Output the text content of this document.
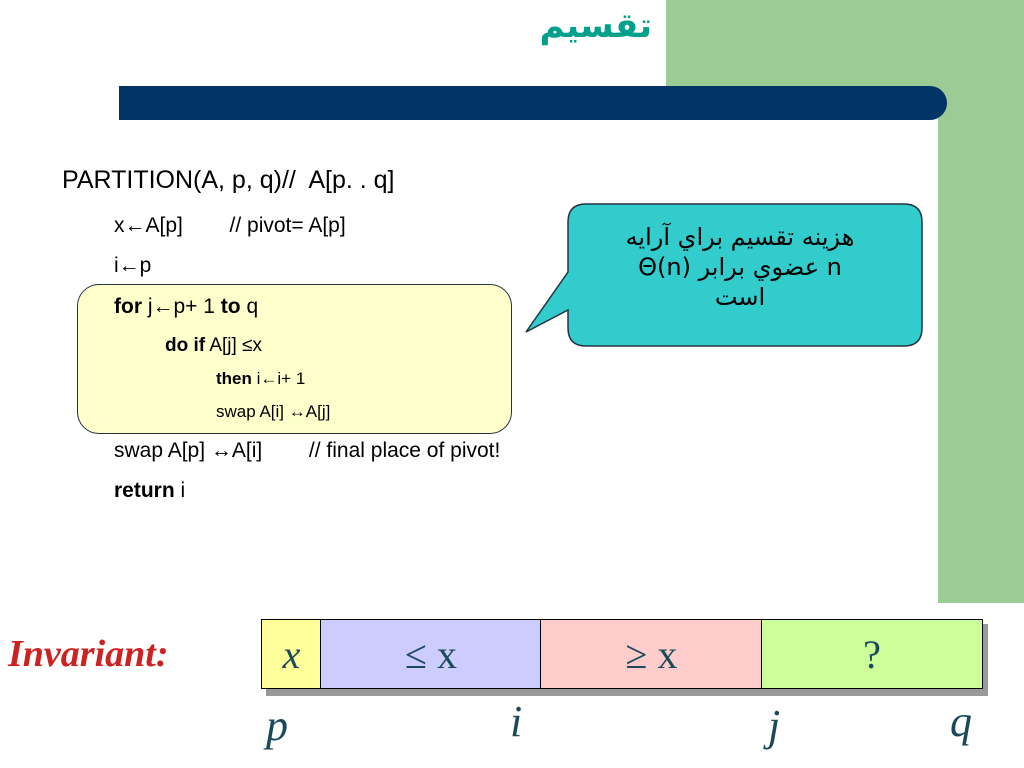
تقسيم
PARTITION(A, p, q)//  A[p. . q]
x←A[p]        // pivot= A[p]
i←p
for j←p+ 1 to q
do if A[j] ≤x
then i←i+ 1
swap A[i] ↔A[j]
swap A[p] ↔A[i]        // final place of pivot!
return i
هزينه تقسيم براي آرايه
n عضوي برابر Θ(n)
است
Invariant:	x	≤ x	≥ x	?
p	i	j	q
